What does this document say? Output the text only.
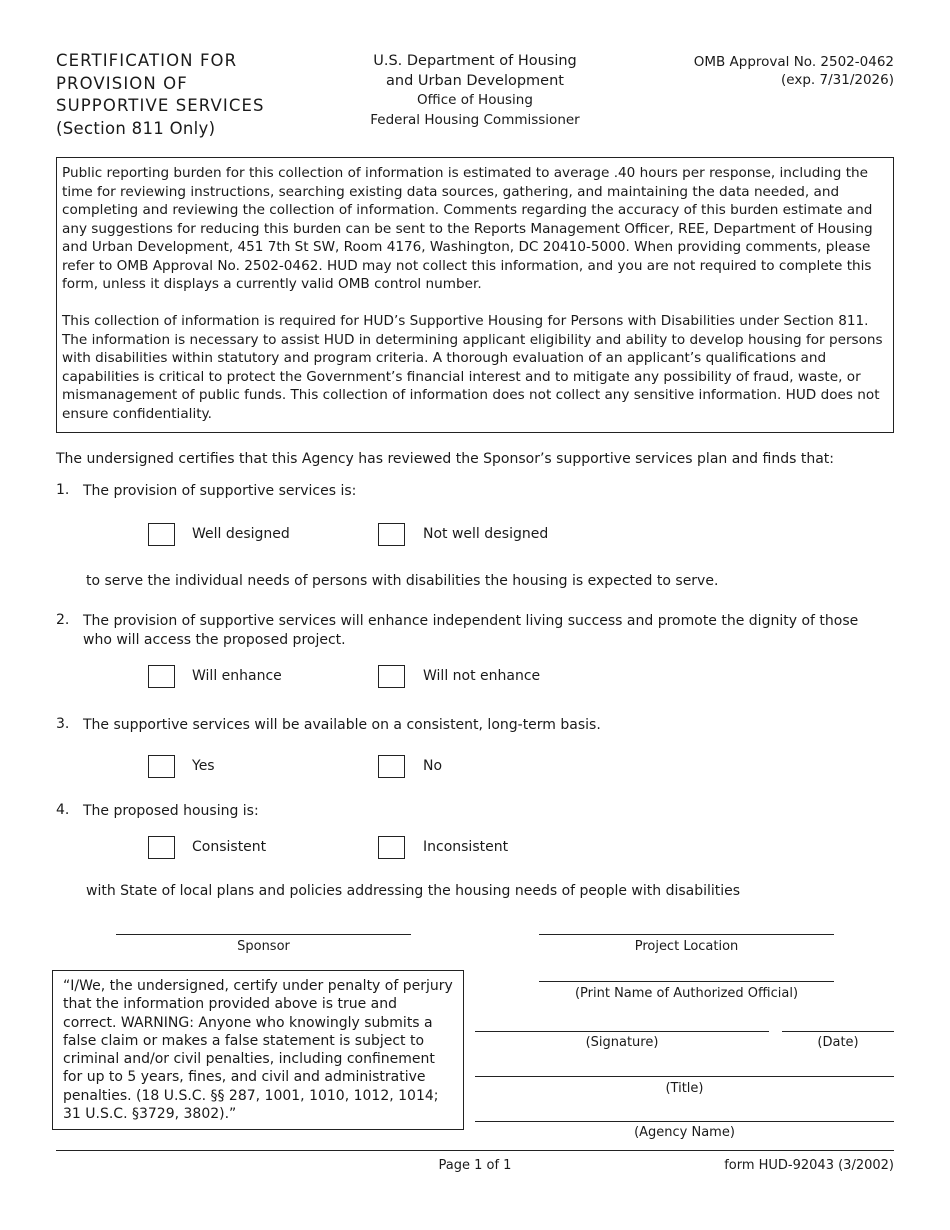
CERTIFICATION FOR
PROVISION OF
SUPPORTIVE SERVICES
(Section 811 Only)
U.S. Department of Housing
and Urban Development
Office of Housing
Federal Housing Commissioner
OMB Approval No. 2502-0462
(exp. 7/31/2026)

Public reporting burden for this collection of information is estimated to average .40 hours per response, including the time for reviewing instructions, searching existing data sources, gathering, and maintaining the data needed, and completing and reviewing the collection of information. Comments regarding the accuracy of this burden estimate and any suggestions for reducing this burden can be sent to the Reports Management Officer, REE, Department of Housing and Urban Development, 451 7th St SW, Room 4176, Washington, DC 20410-5000. When providing comments, please refer to OMB Approval No. 2502-0462. HUD may not collect this information, and you are not required to complete this form, unless it displays a currently valid OMB control number.

This collection of information is required for HUD’s Supportive Housing for Persons with Disabilities under Section 811. The information is necessary to assist HUD in determining applicant eligibility and ability to develop housing for persons with disabilities within statutory and program criteria. A thorough evaluation of an applicant’s qualifications and capabilities is critical to protect the Government’s financial interest and to mitigate any possibility of fraud, waste, or mismanagement of public funds. This collection of information does not collect any sensitive information. HUD does not ensure confidentiality.

The undersigned certifies that this Agency has reviewed the Sponsor’s supportive services plan and finds that:
1. The provision of supportive services is:
Well designed	Not well designed
to serve the individual needs of persons with disabilities the housing is expected to serve.
2. The provision of supportive services will enhance independent living success and promote the dignity of those who will access the proposed project.
Will enhance	Will not enhance
3. The supportive services will be available on a consistent, long-term basis.
Yes	No
4. The proposed housing is:
Consistent	Inconsistent
with State of local plans and policies addressing the housing needs of people with disabilities
Sponsor	Project Location
“I/We, the undersigned, certify under penalty of perjury that the information provided above is true and correct. WARNING: Anyone who knowingly submits a false claim or makes a false statement is subject to criminal and/or civil penalties, including confinement for up to 5 years, fines, and civil and administrative penalties. (18 U.S.C. §§ 287, 1001, 1010, 1012, 1014; 31 U.S.C. §3729, 3802).”
(Print Name of Authorized Official)
(Signature)	(Date)
(Title)
(Agency Name)
Page 1 of 1	form HUD-92043 (3/2002)
